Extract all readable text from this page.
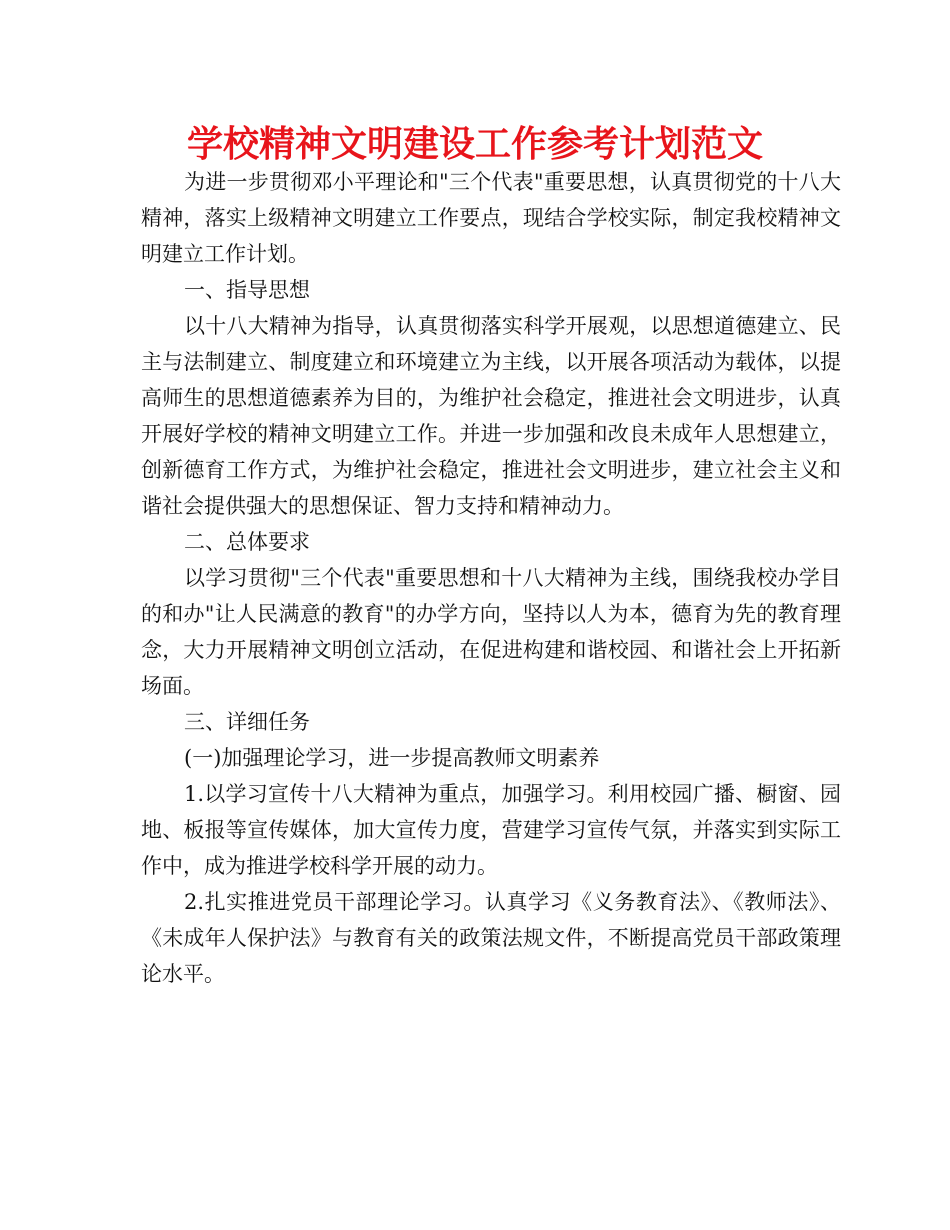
学校精神文明建设工作参考计划范文

为进一步贯彻邓小平理论和"三个代表"重要思想，认真贯彻党的十八大精神，落实上级精神文明建立工作要点，现结合学校实际，制定我校精神文明建立工作计划。

一、指导思想

以十八大精神为指导，认真贯彻落实科学开展观，以思想道德建立、民主与法制建立、制度建立和环境建立为主线，以开展各项活动为载体，以提高师生的思想道德素养为目的，为维护社会稳定，推进社会文明进步，认真开展好学校的精神文明建立工作。并进一步加强和改良未成年人思想建立，创新德育工作方式，为维护社会稳定，推进社会文明进步，建立社会主义和谐社会提供强大的思想保证、智力支持和精神动力。

二、总体要求

以学习贯彻"三个代表"重要思想和十八大精神为主线，围绕我校办学目的和办"让人民满意的教育"的办学方向，坚持以人为本，德育为先的教育理念，大力开展精神文明创立活动，在促进构建和谐校园、和谐社会上开拓新场面。

三、详细任务

(一)加强理论学习，进一步提高教师文明素养

1.以学习宣传十八大精神为重点，加强学习。利用校园广播、橱窗、园地、板报等宣传媒体，加大宣传力度，营建学习宣传气氛，并落实到实际工作中，成为推进学校科学开展的动力。

2.扎实推进党员干部理论学习。认真学习《义务教育法》、《教师法》、《未成年人保护法》与教育有关的政策法规文件，不断提高党员干部政策理论水平。
